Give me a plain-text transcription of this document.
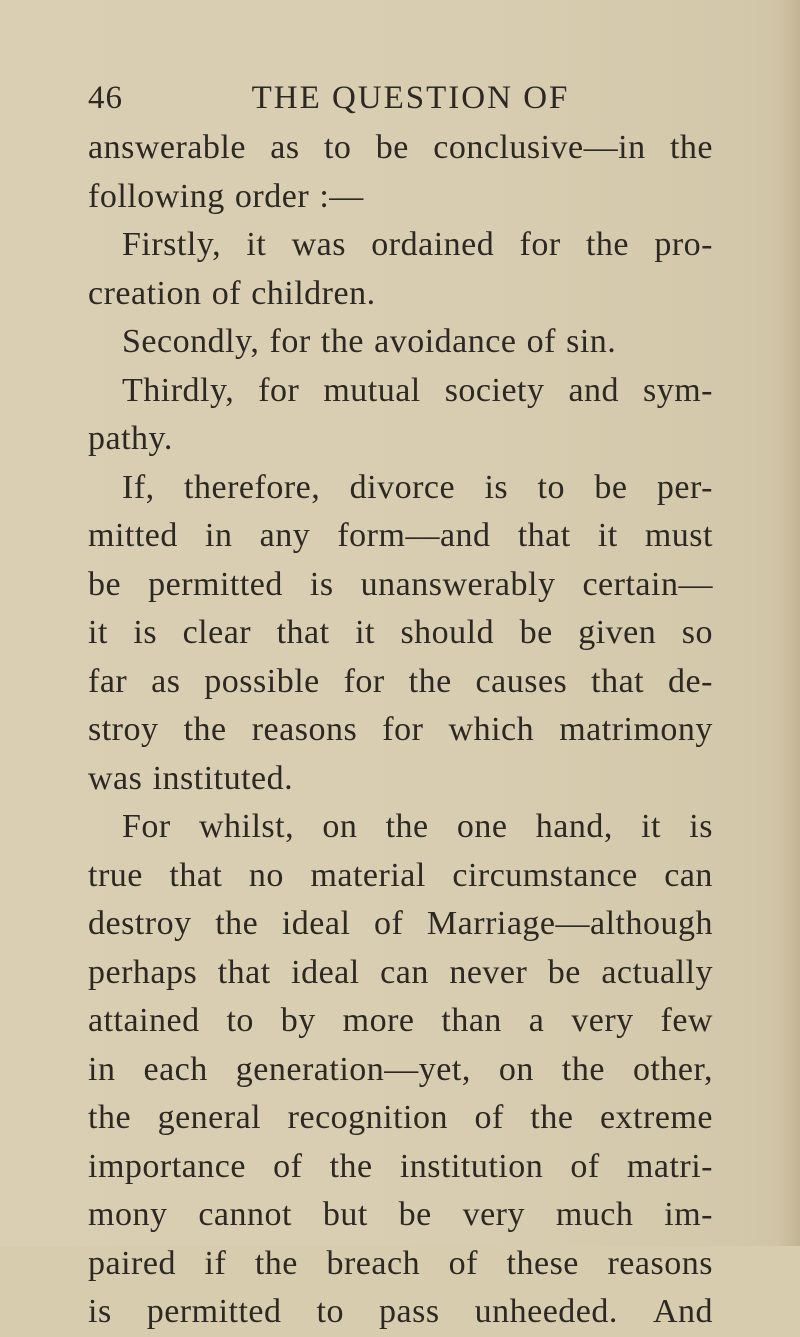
46	THE QUESTION OF
answerable as to be conclusive—in the
following order :—
Firstly, it was ordained for the pro-
creation of children.
Secondly, for the avoidance of sin.
Thirdly, for mutual society and sym-
pathy.
If, therefore, divorce is to be per-
mitted in any form—and that it must
be permitted is unanswerably certain—
it is clear that it should be given so
far as possible for the causes that de-
stroy the reasons for which matrimony
was instituted.
For whilst, on the one hand, it is
true that no material circumstance can
destroy the ideal of Marriage—although
perhaps that ideal can never be actually
attained to by more than a very few
in each generation—yet, on the other,
the general recognition of the extreme
importance of the institution of matri-
mony cannot but be very much im-
paired if the breach of these reasons
is permitted to pass unheeded. And
